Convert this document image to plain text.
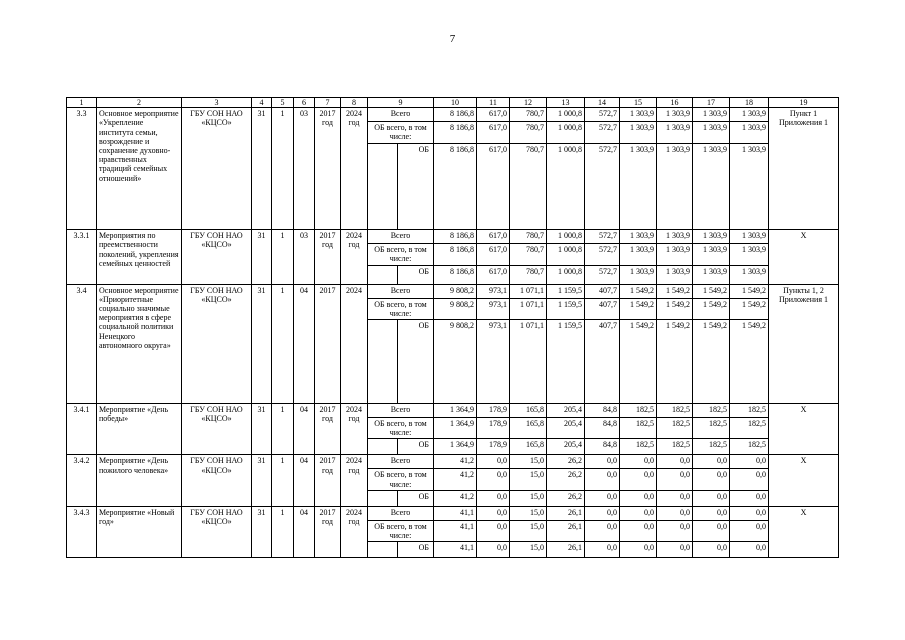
7
1	2	3	4	5	6	7	8	9		10	11	12	13	14	15	16	17	18	19
3.3	Основное мероприятие «Укрепление института семьи, возрождение и сохранение духовно-нравственных традиций семейных отношений»	ГБУ СОН НАО «КЦСО»	31	1	03	2017 год	2024 год	Всего		8 186,8	617,0	780,7	1 000,8	572,7	1 303,9	1 303,9	1 303,9	1 303,9	Пункт 1 Приложения 1
								ОБ всего, в том числе:		8 186,8	617,0	780,7	1 000,8	572,7	1 303,9	1 303,9	1 303,9	1 303,9	
									ОБ	8 186,8	617,0	780,7	1 000,8	572,7	1 303,9	1 303,9	1 303,9	1 303,9	
3.3.1	Мероприятия по преемственности поколений, укрепления семейных ценностей	ГБУ СОН НАО «КЦСО»	31	1	03	2017 год	2024 год	Всего		8 186,8	617,0	780,7	1 000,8	572,7	1 303,9	1 303,9	1 303,9	1 303,9	Х
								ОБ всего, в том числе:		8 186,8	617,0	780,7	1 000,8	572,7	1 303,9	1 303,9	1 303,9	1 303,9	
									ОБ	8 186,8	617,0	780,7	1 000,8	572,7	1 303,9	1 303,9	1 303,9	1 303,9	
3.4	Основное мероприятие «Приоритетные социально значимые мероприятия в сфере социальной политики Ненецкого автономного округа»	ГБУ СОН НАО «КЦСО»	31	1	04	2017	2024	Всего		9 808,2	973,1	1 071,1	1 159,5	407,7	1 549,2	1 549,2	1 549,2	1 549,2	Пункты 1, 2 Приложения 1
								ОБ всего, в том числе:		9 808,2	973,1	1 071,1	1 159,5	407,7	1 549,2	1 549,2	1 549,2	1 549,2	
									ОБ	9 808,2	973,1	1 071,1	1 159,5	407,7	1 549,2	1 549,2	1 549,2	1 549,2	
3.4.1	Мероприятие «День победы»	ГБУ СОН НАО «КЦСО»	31	1	04	2017 год	2024 год	Всего		1 364,9	178,9	165,8	205,4	84,8	182,5	182,5	182,5	182,5	Х
								ОБ всего, в том числе:		1 364,9	178,9	165,8	205,4	84,8	182,5	182,5	182,5	182,5	
									ОБ	1 364,9	178,9	165,8	205,4	84,8	182,5	182,5	182,5	182,5	
3.4.2	Мероприятие «День пожилого человека»	ГБУ СОН НАО «КЦСО»	31	1	04	2017 год	2024 год	Всего		41,2	0,0	15,0	26,2	0,0	0,0	0,0	0,0	0,0	Х
								ОБ всего, в том числе:		41,2	0,0	15,0	26,2	0,0	0,0	0,0	0,0	0,0	
									ОБ	41,2	0,0	15,0	26,2	0,0	0,0	0,0	0,0	0,0	
3.4.3	Мероприятие «Новый год»	ГБУ СОН НАО «КЦСО»	31	1	04	2017 год	2024 год	Всего		41,1	0,0	15,0	26,1	0,0	0,0	0,0	0,0	0,0	Х
								ОБ всего, в том числе:		41,1	0,0	15,0	26,1	0,0	0,0	0,0	0,0	0,0	
									ОБ	41,1	0,0	15,0	26,1	0,0	0,0	0,0	0,0	0,0	
